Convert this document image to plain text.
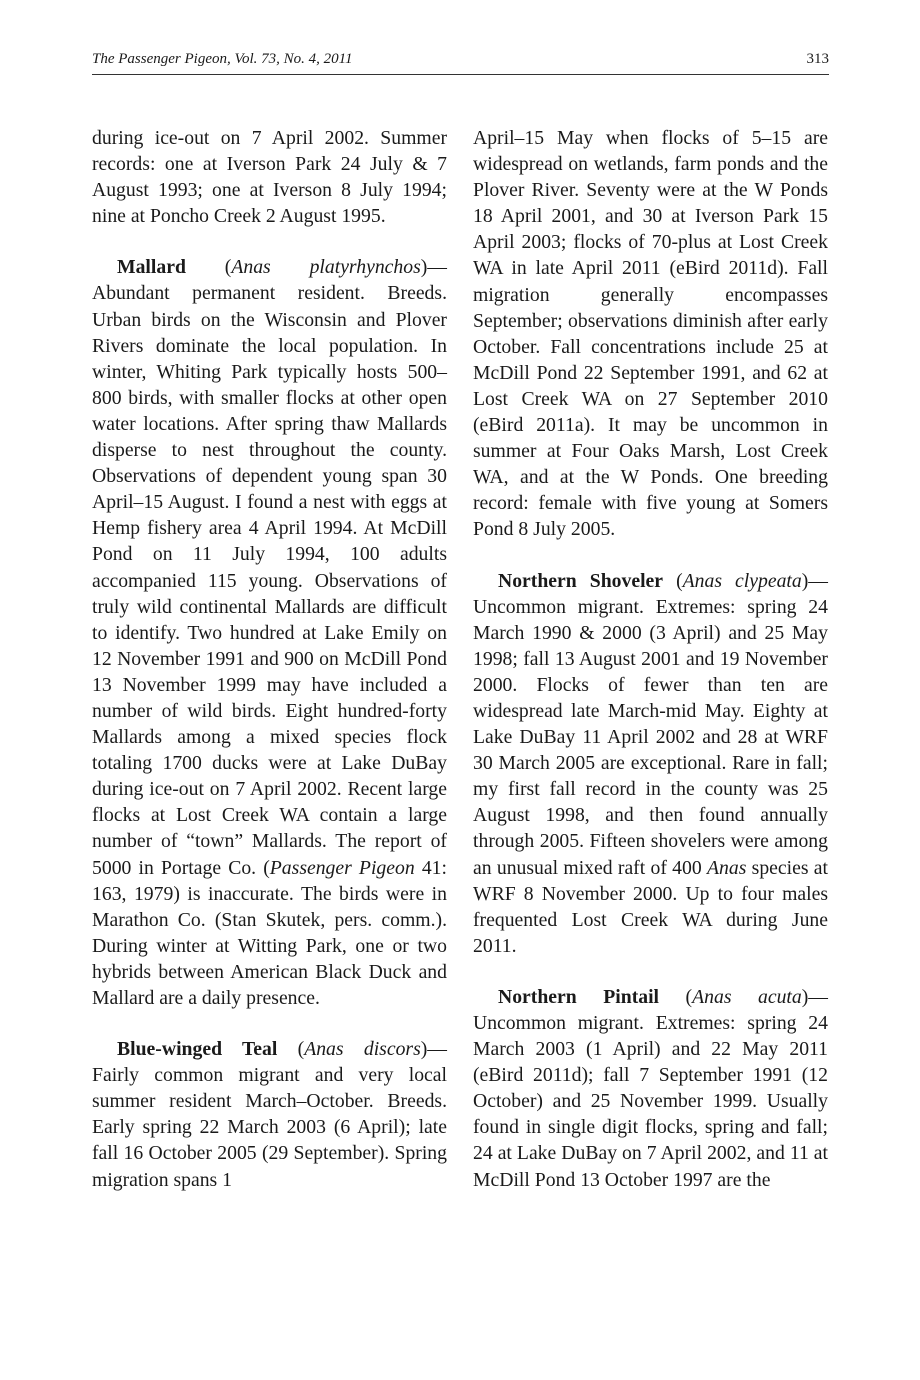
The Passenger Pigeon, Vol. 73, No. 4, 2011	313

during ice-out on 7 April 2002. Summer records: one at Iverson Park 24 July & 7 August 1993; one at Iverson 8 July 1994; nine at Poncho Creek 2 August 1995.

Mallard (Anas platyrhynchos)—Abundant permanent resident. Breeds. Urban birds on the Wisconsin and Plover Rivers dominate the local population. In winter, Whiting Park typically hosts 500–800 birds, with smaller flocks at other open water locations. After spring thaw Mallards disperse to nest throughout the county. Observations of dependent young span 30 April–15 August. I found a nest with eggs at Hemp fishery area 4 April 1994. At McDill Pond on 11 July 1994, 100 adults accompanied 115 young. Observations of truly wild continental Mallards are difficult to identify. Two hundred at Lake Emily on 12 November 1991 and 900 on McDill Pond 13 November 1999 may have included a number of wild birds. Eight hundred-forty Mallards among a mixed species flock totaling 1700 ducks were at Lake DuBay during ice-out on 7 April 2002. Recent large flocks at Lost Creek WA contain a large number of “town” Mallards. The report of 5000 in Portage Co. (Passenger Pigeon 41: 163, 1979) is inaccurate. The birds were in Marathon Co. (Stan Skutek, pers. comm.). During winter at Witting Park, one or two hybrids between American Black Duck and Mallard are a daily presence.

Blue-winged Teal (Anas discors)—Fairly common migrant and very local summer resident March–October. Breeds. Early spring 22 March 2003 (6 April); late fall 16 October 2005 (29 September). Spring migration spans 1

April–15 May when flocks of 5–15 are widespread on wetlands, farm ponds and the Plover River. Seventy were at the W Ponds 18 April 2001, and 30 at Iverson Park 15 April 2003; flocks of 70-plus at Lost Creek WA in late April 2011 (eBird 2011d). Fall migration generally encompasses September; observations diminish after early October. Fall concentrations include 25 at McDill Pond 22 September 1991, and 62 at Lost Creek WA on 27 September 2010 (eBird 2011a). It may be uncommon in summer at Four Oaks Marsh, Lost Creek WA, and at the W Ponds. One breeding record: female with five young at Somers Pond 8 July 2005.

Northern Shoveler (Anas clypeata)—Uncommon migrant. Extremes: spring 24 March 1990 & 2000 (3 April) and 25 May 1998; fall 13 August 2001 and 19 November 2000. Flocks of fewer than ten are widespread late March-mid May. Eighty at Lake DuBay 11 April 2002 and 28 at WRF 30 March 2005 are exceptional. Rare in fall; my first fall record in the county was 25 August 1998, and then found annually through 2005. Fifteen shovelers were among an unusual mixed raft of 400 Anas species at WRF 8 November 2000. Up to four males frequented Lost Creek WA during June 2011.

Northern Pintail (Anas acuta)—Uncommon migrant. Extremes: spring 24 March 2003 (1 April) and 22 May 2011 (eBird 2011d); fall 7 September 1991 (12 October) and 25 November 1999. Usually found in single digit flocks, spring and fall; 24 at Lake DuBay on 7 April 2002, and 11 at McDill Pond 13 October 1997 are the
